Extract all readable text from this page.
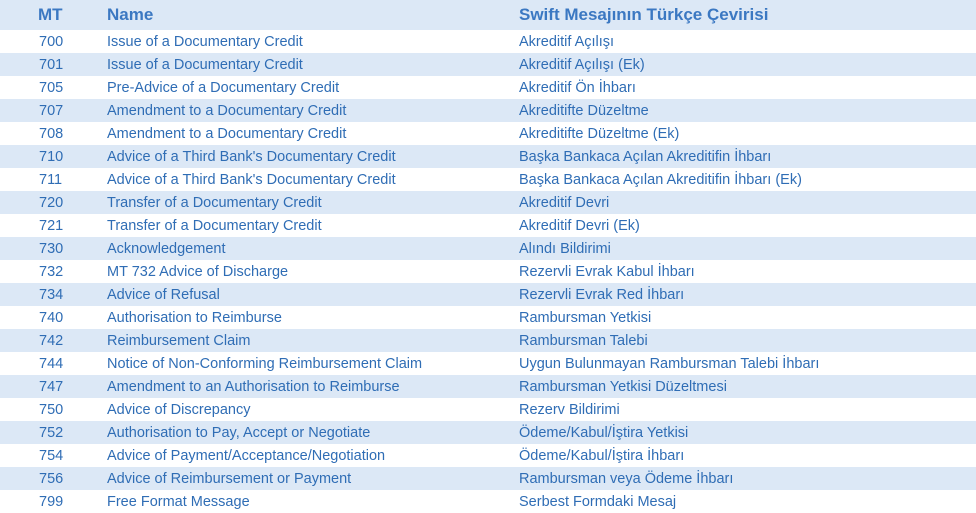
MT	Name	Swift Mesajının Türkçe Çevirisi
700	Issue of a Documentary Credit	Akreditif Açılışı
701	Issue of a Documentary Credit	Akreditif Açılışı (Ek)
705	Pre-Advice of a Documentary Credit	Akreditif Ön İhbarı
707	Amendment to a Documentary Credit	Akreditifte Düzeltme
708	Amendment to a Documentary Credit	Akreditifte Düzeltme (Ek)
710	Advice of a Third Bank's Documentary Credit	Başka Bankaca Açılan Akreditifin İhbarı
711	Advice of a Third Bank's Documentary Credit	Başka Bankaca Açılan Akreditifin İhbarı (Ek)
720	Transfer of a Documentary Credit	Akreditif Devri
721	Transfer of a Documentary Credit	Akreditif Devri (Ek)
730	Acknowledgement	Alındı Bildirimi
732	MT 732 Advice of Discharge	Rezervli Evrak Kabul İhbarı
734	Advice of Refusal	Rezervli Evrak Red İhbarı
740	Authorisation to Reimburse	Rambursman Yetkisi
742	Reimbursement Claim	Rambursman Talebi
744	Notice of Non-Conforming Reimbursement Claim	Uygun Bulunmayan Rambursman Talebi İhbarı
747	Amendment to an Authorisation to Reimburse	Rambursman Yetkisi Düzeltmesi
750	Advice of Discrepancy	Rezerv Bildirimi
752	Authorisation to Pay, Accept or Negotiate	Ödeme/Kabul/İştira Yetkisi
754	Advice of Payment/Acceptance/Negotiation	Ödeme/Kabul/İştira İhbarı
756	Advice of Reimbursement or Payment	Rambursman veya Ödeme İhbarı
799	Free Format Message	Serbest Formdaki Mesaj
